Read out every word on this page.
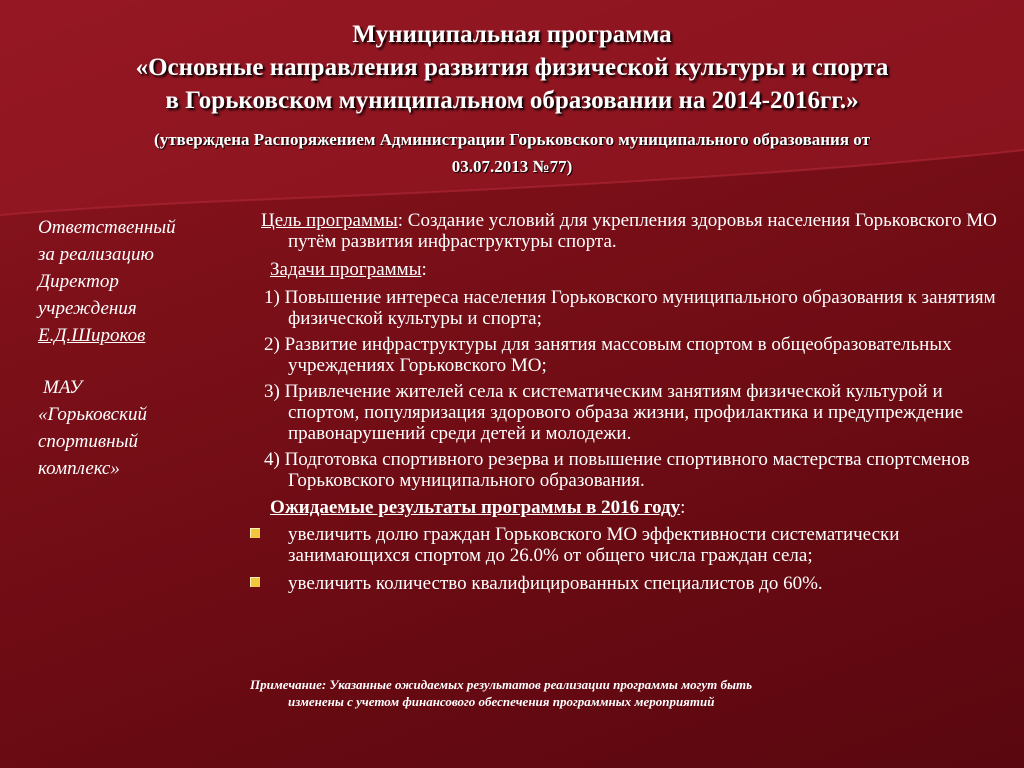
Муниципальная программа
«Основные направления развития физической культуры и спорта
в Горьковском муниципальном образовании на 2014-2016гг.»
(утверждена Распоряжением Администрации Горьковского муниципального образования от
03.07.2013 №77)
Ответственный
за реализацию
Директор
учреждения
Е.Д.Широков
МАУ
«Горьковский
спортивный
комплекс»
Цель программы: Создание условий для укрепления здоровья населения Горьковского МО путём развития инфраструктуры спорта.
Задачи программы:
1) Повышение интереса населения Горьковского муниципального образования к занятиям физической культуры и спорта;
2) Развитие инфраструктуры для занятия массовым спортом в общеобразовательных учреждениях Горьковского МО;
3) Привлечение жителей села к систематическим занятиям физической культурой и спортом, популяризация здорового образа жизни, профилактика и предупреждение правонарушений среди детей и молодежи.
4) Подготовка спортивного резерва и повышение спортивного мастерства спортсменов Горьковского муниципального образования.
Ожидаемые результаты программы в 2016 году:
увеличить долю граждан Горьковского МО эффективности систематически занимающихся спортом до 26.0% от общего числа граждан села;
увеличить количество квалифицированных специалистов до 60%.
Примечание: Указанные ожидаемых результатов реализации программы могут быть
изменены с учетом финансового обеспечения программных мероприятий
